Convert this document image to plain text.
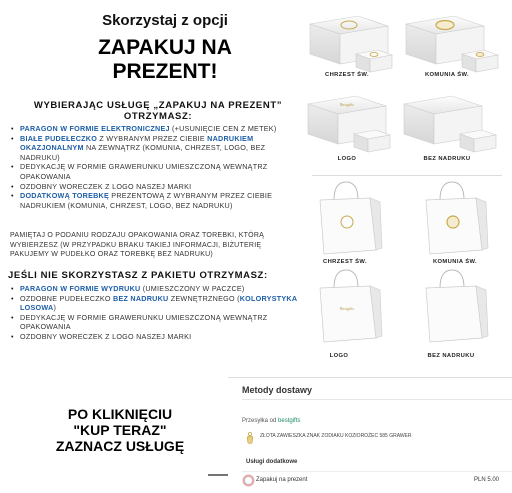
Skorzystaj z opcji
ZAPAKUJ NA
PREZENT!
WYBIERAJĄC USŁUGĘ „ZAPAKUJ NA PREZENT”
OTRZYMASZ:
• PARAGON W FORMIE ELEKTRONICZNEJ (+USUNIĘCIE CEN Z METEK)
• BIAŁE PUDEŁECZKO Z WYBRANYM PRZEZ CIEBIE NADRUKIEM OKAZJONALNYM NA ZEWNĄTRZ (KOMUNIA, CHRZEST, LOGO, BEZ NADRUKU)
• DEDYKACJĘ W FORMIE GRAWERUNKU UMIESZCZONĄ WEWNĄTRZ OPAKOWANIA
• OZDOBNY WORECZEK Z LOGO NASZEJ MARKI
• DODATKOWĄ TOREBKĘ PREZENTOWĄ Z WYBRANYM PRZEZ CIEBIE NADRUKIEM (KOMUNIA, CHRZEST, LOGO, BEZ NADRUKU)
PAMIĘTAJ O PODANIU RODZAJU OPAKOWANIA ORAZ TOREBKI, KTÓRĄ WYBIERZESZ (W PRZYPADKU BRAKU TAKIEJ INFORMACJI, BIŻUTERIĘ PAKUJEMY W PUDEŁKO ORAZ TOREBKĘ BEZ NADRUKU)
JEŚLI NIE SKORZYSTASZ Z PAKIETU OTRZYMASZ:
• PARAGON W FORMIE WYDRUKU (UMIESZCZONY W PACZCE)
• OZDOBNE PUDEŁECZKO BEZ NADRUKU ZEWNĘTRZNEGO (KOLORYSTYKA LOSOWA)
• DEDYKACJĘ W FORMIE GRAWERUNKU UMIESZCZONĄ WEWNĄTRZ OPAKOWANIA
• OZDOBNY WORECZEK Z LOGO NASZEJ MARKI
Bestgifts
CHRZEST ŚW.	KOMUNIA ŚW.
LOGO	BEZ NADRUKU
Bestgifts
CHRZEST ŚW.	KOMUNIA ŚW.
LOGO	BEZ NADRUKU
PO KLIKNIĘCIU
"KUP TERAZ"
ZAZNACZ USŁUGĘ
Metody dostawy
Przesyłka od bestgifts
ZŁOTA ZAWIESZKA ZNAK ZODIAKU KOZIOROŻEC 585 GRAWER
Usługi dodatkowe
Zapakuj na prezent	PLN 5.00
